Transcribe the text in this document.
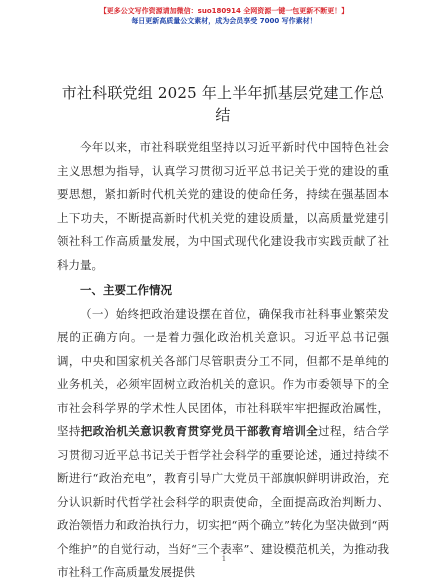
【更多公文写作资源请加微信：suo180914 全网资源一键一包更新不断更！】
每日更新高质量公文素材，成为会员享受 7000 写作素材！
市社科联党组 2025 年上半年抓基层党建工作总结

今年以来，市社科联党组坚持以习近平新时代中国特色社会主义思想为指导，认真学习贯彻习近平总书记关于党的建设的重要思想，紧扣新时代机关党的建设的使命任务，持续在强基固本上下功夫，不断提高新时代机关党的建设质量，以高质量党建引领社科工作高质量发展，为中国式现代化建设我市实践贡献了社科力量。

一、主要工作情况

（一）始终把政治建设摆在首位，确保我市社科事业繁荣发展的正确方向。一是着力强化政治机关意识。习近平总书记强调，中央和国家机关各部门尽管职责分工不同，但都不是单纯的业务机关，必须牢固树立政治机关的意识。作为市委领导下的全市社会科学界的学术性人民团体，市社科联牢牢把握政治属性，坚持把政治机关意识教育贯穿党员干部教育培训全过程，结合学习贯彻习近平总书记关于哲学社会科学的重要论述，通过持续不断进行“政治充电”，教育引导广大党员干部旗帜鲜明讲政治，充分认识新时代哲学社会科学的职责使命，全面提高政治判断力、政治领悟力和政治执行力，切实把“两个确立”转化为坚决做到“两个维护”的自觉行动，当好“三个表率”、建设模范机关，为推动我市社科工作高质量发展提供

1
